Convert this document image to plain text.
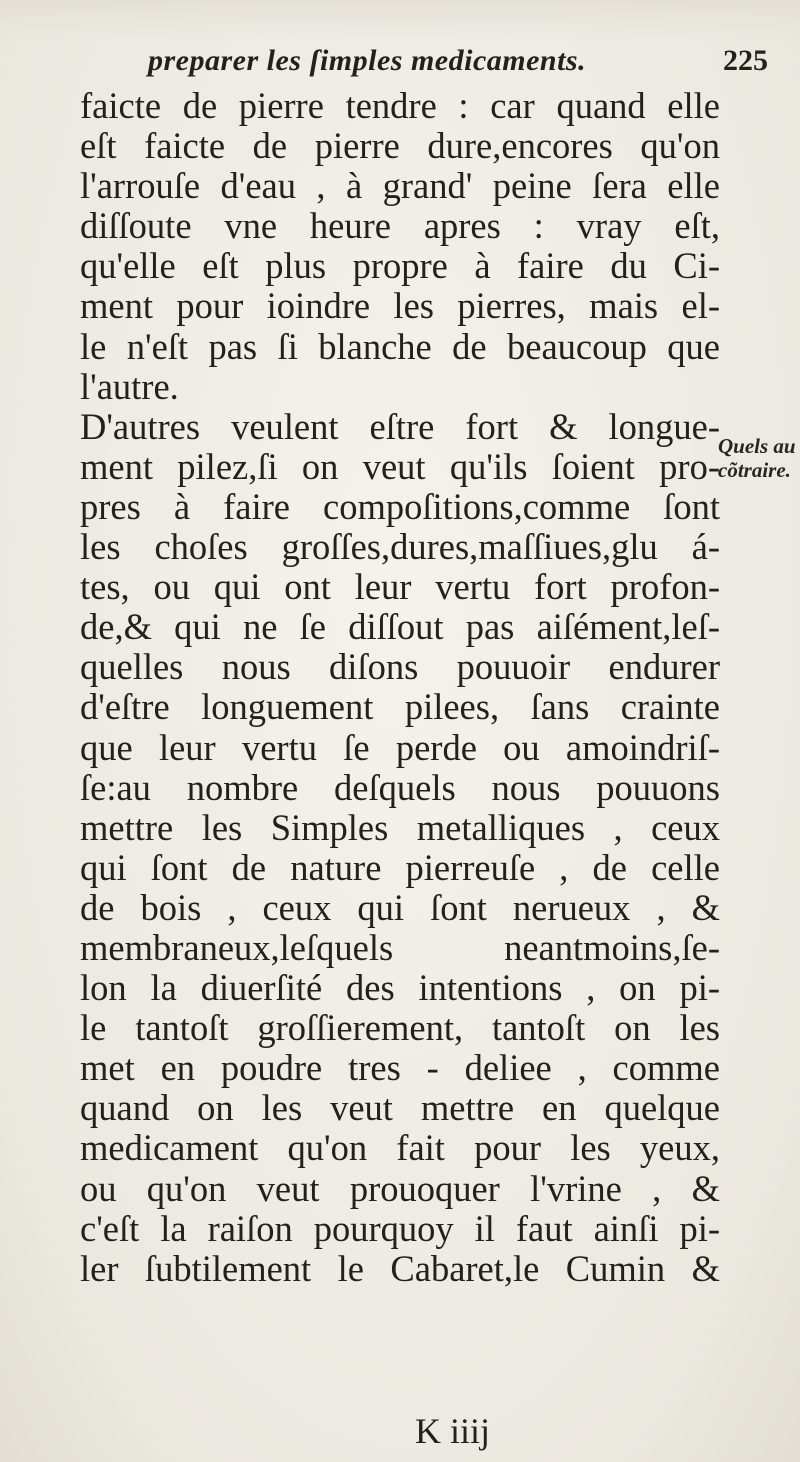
preparer les ſimples medicaments.	225
faicte de pierre tendre : car quand elle
eſt faicte de pierre dure,encores qu'on
l'arrouſe d'eau , à grand' peine ſera elle
diſſoute vne heure apres : vray eſt,
qu'elle eſt plus propre à faire du Ci-
ment pour ioindre les pierres, mais el-
le n'eſt pas ſi blanche de beaucoup que
l'autre.
D'autres veulent eſtre fort & longue-
ment pilez,ſi on veut qu'ils ſoient pro-
pres à faire compoſitions,comme ſont
les choſes groſſes,dures,maſſiues,glu á-
tes, ou qui ont leur vertu fort profon-
de,& qui ne ſe diſſout pas aiſément,leſ-
quelles nous diſons pouuoir endurer
d'eſtre longuement pilees, ſans crainte
que leur vertu ſe perde ou amoindriſ-
ſe:au nombre deſquels nous pouuons
mettre les Simples metalliques , ceux
qui ſont de nature pierreuſe , de celle
de bois , ceux qui ſont nerueux , &
membraneux,leſquels neantmoins,ſe-
lon la diuerſité des intentions , on pi-
le tantoſt groſſierement, tantoſt on les
met en poudre tres - deliee , comme
quand on les veut mettre en quelque
medicament qu'on fait pour les yeux,
ou qu'on veut prouoquer l'vrine , &
c'eſt la raiſon pourquoy il faut ainſi pi-
ler ſubtilement le Cabaret,le Cumin &
Quels au
cõtraire.
K iiij
